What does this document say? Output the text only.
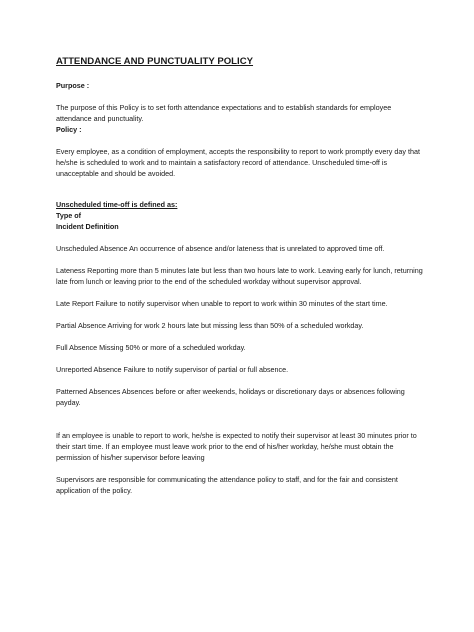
ATTENDANCE AND PUNCTUALITY POLICY

Purpose :

The purpose of this Policy is to set forth attendance expectations and to establish standards for employee attendance and punctuality.

Policy :

Every employee, as a condition of employment, accepts the responsibility to report to work promptly every day that he/she is scheduled to work and to maintain a satisfactory record of attendance. Unscheduled time-off is unacceptable and should be avoided.

Unscheduled time-off is defined as:

Type of

Incident Definition

Unscheduled Absence An occurrence of absence and/or lateness that is unrelated to approved time off.

Lateness Reporting more than 5 minutes late but less than two hours late to work. Leaving early for lunch, returning late from lunch or leaving prior to the end of the scheduled workday without supervisor approval.

Late Report Failure to notify supervisor when unable to report to work within 30 minutes of the start time.

Partial Absence Arriving for work 2 hours late but missing less than 50% of a scheduled workday.

Full Absence Missing 50% or more of a scheduled workday.

Unreported Absence Failure to notify supervisor of partial or full absence.

Patterned Absences Absences before or after weekends, holidays or discretionary days or absences following payday.

If an employee is unable to report to work, he/she is expected to notify their supervisor at least 30 minutes prior to their start time. If an employee must leave work prior to the end of his/her workday, he/she must obtain the permission of his/her supervisor before leaving

Supervisors are responsible for communicating the attendance policy to staff, and for the fair and consistent application of the policy.
